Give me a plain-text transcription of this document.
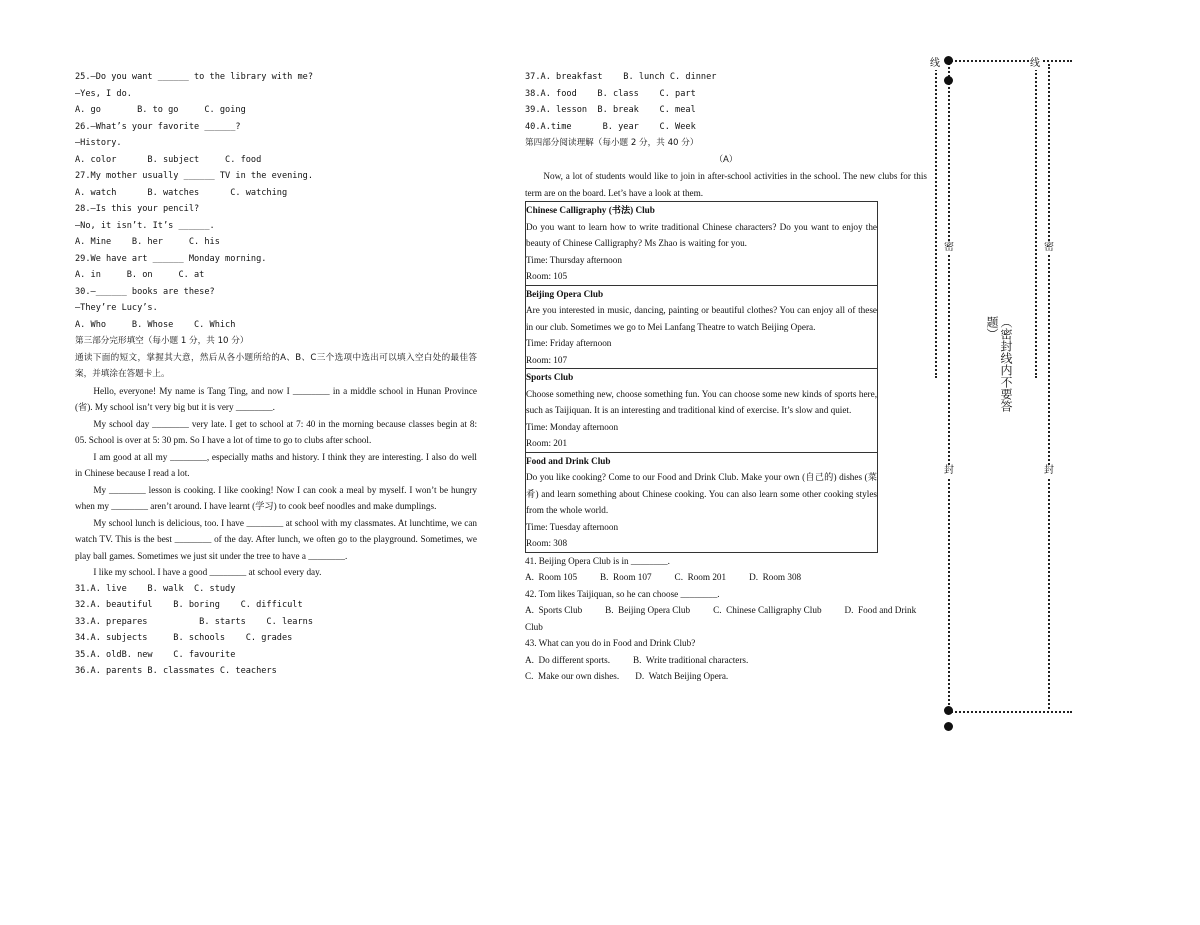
25.—Do you want ______ to the library with me?
—Yes, I do.
A. go       B. to go     C. going
26.—What’s your favorite ______?
—History.
A. color      B. subject     C. food
27.My mother usually ______ TV in the evening.
A. watch      B. watches      C. watching
28.—Is this your pencil?
—No, it isn’t. It’s ______.
A. Mine    B. her     C. his
29.We have art ______ Monday morning.
A. in     B. on     C. at
30.—______ books are these?
—They’re Lucy’s.
A. Who     B. Whose    C. Which
第三部分完形填空（每小题 1 分，共 10 分）
通读下面的短文，掌握其大意，然后从各小题所给的A、B、C三个选项中选出可以填入空白处的最佳答案，并填涂在答题卡上。

Hello, everyone! My name is Tang Ting, and now I ________ in a middle school in Hunan Province (省). My school isn’t very big but it is very ________.

My school day ________ very late. I get to school at 7: 40 in the morning because classes begin at 8: 05. School is over at 5: 30 pm. So I have a lot of time to go to clubs after school.

I am good at all my ________, especially maths and history. I think they are interesting. I also do well in Chinese because I read a lot.

My ________ lesson is cooking. I like cooking! Now I can cook a meal by myself. I won’t be hungry when my ________ aren’t around. I have learnt (学习) to cook beef noodles and make dumplings.

My school lunch is delicious, too. I have ________ at school with my classmates. At lunchtime, we can watch TV. This is the best ________ of the day. After lunch, we often go to the playground. Sometimes, we play ball games. Sometimes we just sit under the tree to have a ________.

I like my school. I have a good ________ at school every day.

31.A. live    B. walk  C. study
32.A. beautiful    B. boring    C. difficult
33.A. prepares          B. starts    C. learns
34.A. subjects     B. schools    C. grades
35.A. oldB. new    C. favourite
36.A. parents B. classmates C. teachers
37.A. breakfast    B. lunch C. dinner
38.A. food    B. class    C. part
39.A. lesson  B. break    C. meal
40.A.time      B. year    C. Week
第四部分阅读理解（每小题 2 分，共 40 分）
（A）

Now, a lot of students would like to join in after-school activities in the school. The new clubs for this term are on the board. Let’s have a look at them.

Chinese Calligraphy (书法) Club

Do you want to learn how to write traditional Chinese characters? Do you want to enjoy the beauty of Chinese Calligraphy? Ms Zhao is waiting for you.

Time: Thursday afternoon
Room: 105
Beijing Opera Club

Are you interested in music, dancing, painting or beautiful clothes? You can enjoy all of these in our club. Sometimes we go to Mei Lanfang Theatre to watch Beijing Opera.

Time: Friday afternoon
Room: 107
Sports Club

Choose something new, choose something fun. You can choose some new kinds of sports here, such as Taijiquan. It is an interesting and traditional kind of exercise. It’s slow and quiet.

Time: Monday afternoon
Room: 201
Food and Drink Club

Do you like cooking? Come to our Food and Drink Club. Make your own (自己的) dishes (菜肴) and learn something about Chinese cooking. You can also learn some other cooking styles from the whole world.

Time: Tuesday afternoon
Room: 308
41. Beijing Opera Club is in ________.
A.  Room 105          B.  Room 107          C.  Room 201          D.  Room 308
42. Tom likes Taijiquan, so he can choose ________.
A.  Sports Club          B.  Beijing Opera Club          C.  Chinese Calligraphy Club          D.  Food and Drink Club
43. What can you do in Food and Drink Club?
A.  Do different sports.          B.  Write traditional characters.
C.  Make our own dishes.       D.  Watch Beijing Opera.
线	线
密	密
封	封
（密封线内不要答题）
